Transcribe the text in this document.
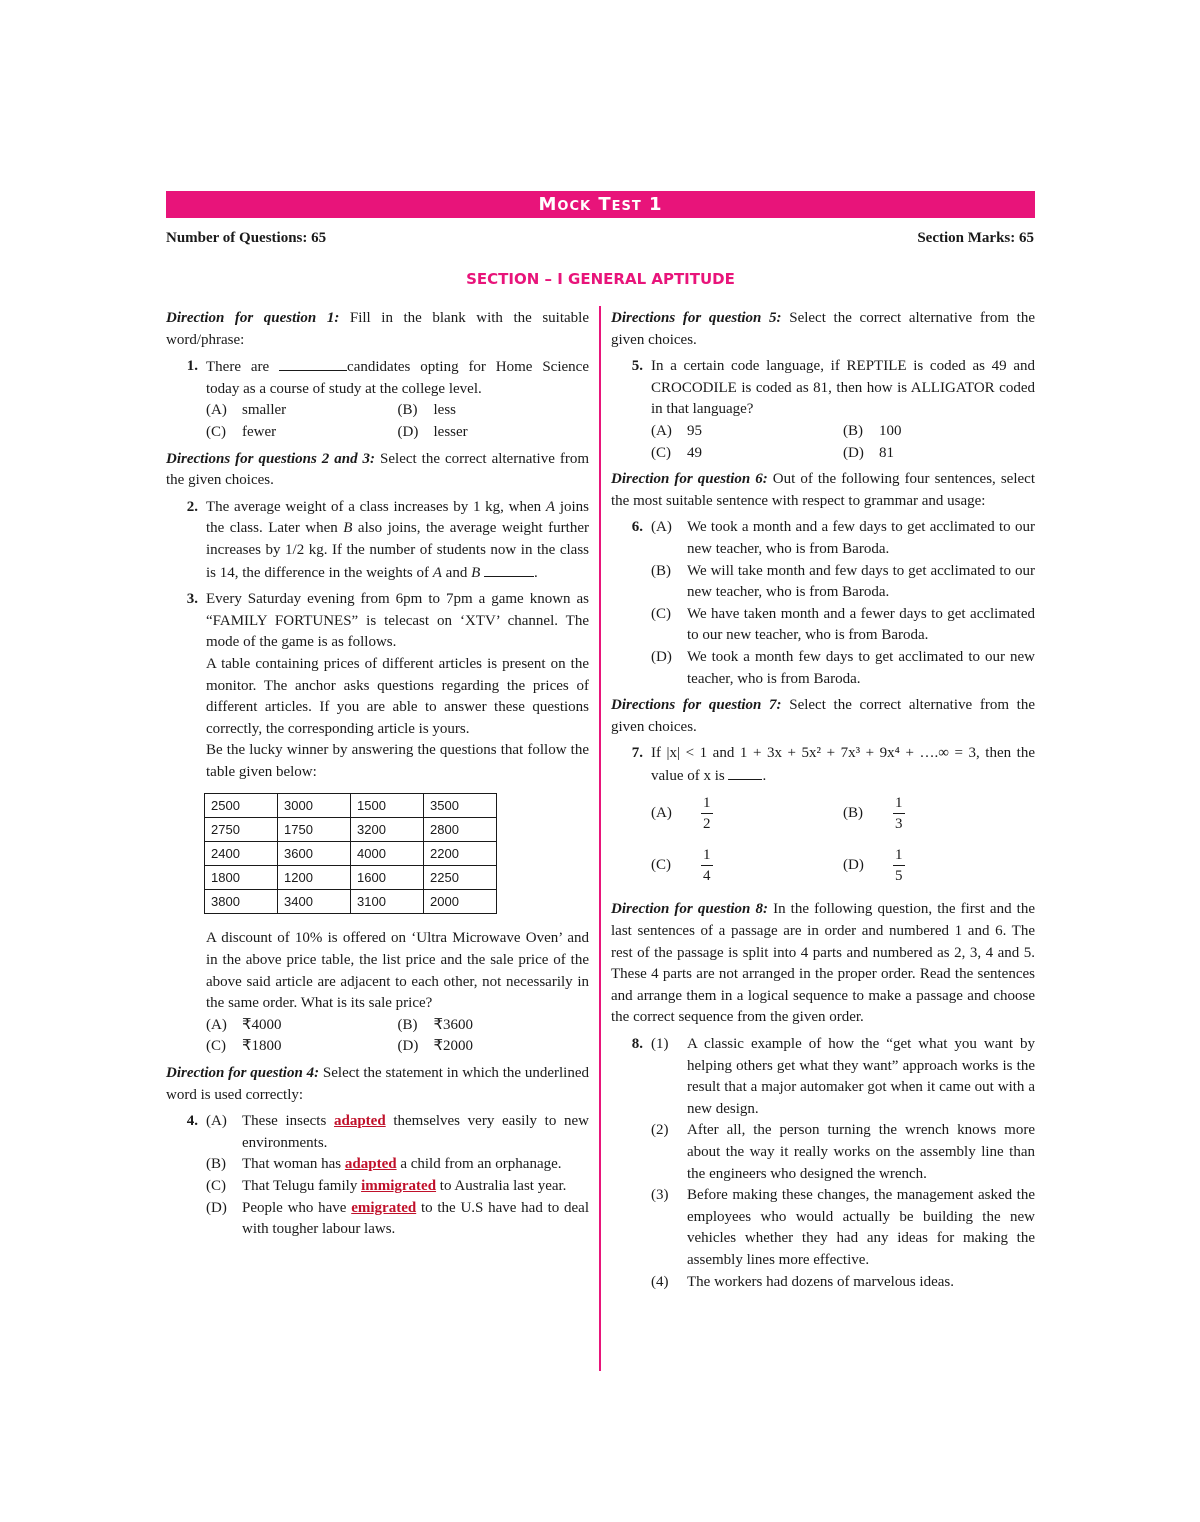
Mock Test 1
Number of Questions: 65	Section Marks: 65
SECTION – I GENERAL APTITUDE

Direction for question 1: Fill in the blank with the suitable word/phrase:

1. There are	candidates opting for Home Science today as a course of study at the college level.

(A)	smaller	(B)	less
(C)	fewer	(D)	lesser

Directions for questions 2 and 3: Select the correct alternative from the given choices.

2. The average weight of a class increases by 1 kg, when A joins the class. Later when B also joins, the average weight further increases by 1/2 kg. If the number of students now in the class is 14, the difference in the weights of A and B	.

3. Every Saturday evening from 6pm to 7pm a game known as “FAMILY FORTUNES” is telecast on ‘XTV’ channel. The mode of the game is as follows.

A table containing prices of different articles is present on the monitor. The anchor asks questions regarding the prices of different articles. If you are able to answer these questions correctly, the corresponding article is yours.

Be the lucky winner by answering the questions that follow the table given below:

2500	3000	1500	3500
2750	1750	3200	2800
2400	3600	4000	2200
1800	1200	1600	2250
3800	3400	3100	2000

A discount of 10% is offered on ‘Ultra Microwave Oven’ and in the above price table, the list price and the sale price of the above said article are adjacent to each other, not necessarily in the same order. What is its sale price?

(A)	₹4000	(B)	₹3600
(C)	₹1800	(D)	₹2000

Direction for question 4: Select the statement in which the underlined word is used correctly:

4. (A)	These insects adapted themselves very easily to new environments.
(B)	That woman has adapted a child from an orphanage.
(C)	That Telugu family immigrated to Australia last year.
(D)	People who have emigrated to the U.S have had to deal with tougher labour laws.

Directions for question 5: Select the correct alternative from the given choices.

5. In a certain code language, if REPTILE is coded as 49 and CROCODILE is coded as 81, then how is ALLIGATOR coded in that language?

(A)	95	(B)	100
(C)	49	(D)	81

Direction for question 6: Out of the following four sentences, select the most suitable sentence with respect to grammar and usage:

6. (A)	We took a month and a few days to get acclimated to our new teacher, who is from Baroda.
(B)	We will take month and few days to get acclimated to our new teacher, who is from Baroda.
(C)	We have taken month and a fewer days to get acclimated to our new teacher, who is from Baroda.
(D)	We took a month few days to get acclimated to our new teacher, who is from Baroda.

Directions for question 7: Select the correct alternative from the given choices.

7. If |x| < 1 and 1 + 3x + 5x² + 7x³ + 9x⁴ + ….∞ = 3, then the value of x is	.

(A)	$\frac{1}{2}$	(B)	$\frac{1}{3}$
(C)	$\frac{1}{4}$	(D)	$\frac{1}{5}$

Direction for question 8: In the following question, the first and the last sentences of a passage are in order and numbered 1 and 6. The rest of the passage is split into 4 parts and numbered as 2, 3, 4 and 5. These 4 parts are not arranged in the proper order. Read the sentences and arrange them in a logical sequence to make a passage and choose the correct sequence from the given order.

8. (1)	A classic example of how the “get what you want by helping others get what they want” approach works is the result that a major automaker got when it came out with a new design.
(2)	After all, the person turning the wrench knows more about the way it really works on the assembly line than the engineers who designed the wrench.
(3)	Before making these changes, the management asked the employees who would actually be building the new vehicles whether they had any ideas for making the assembly lines more effective.
(4)	The workers had dozens of marvelous ideas.
